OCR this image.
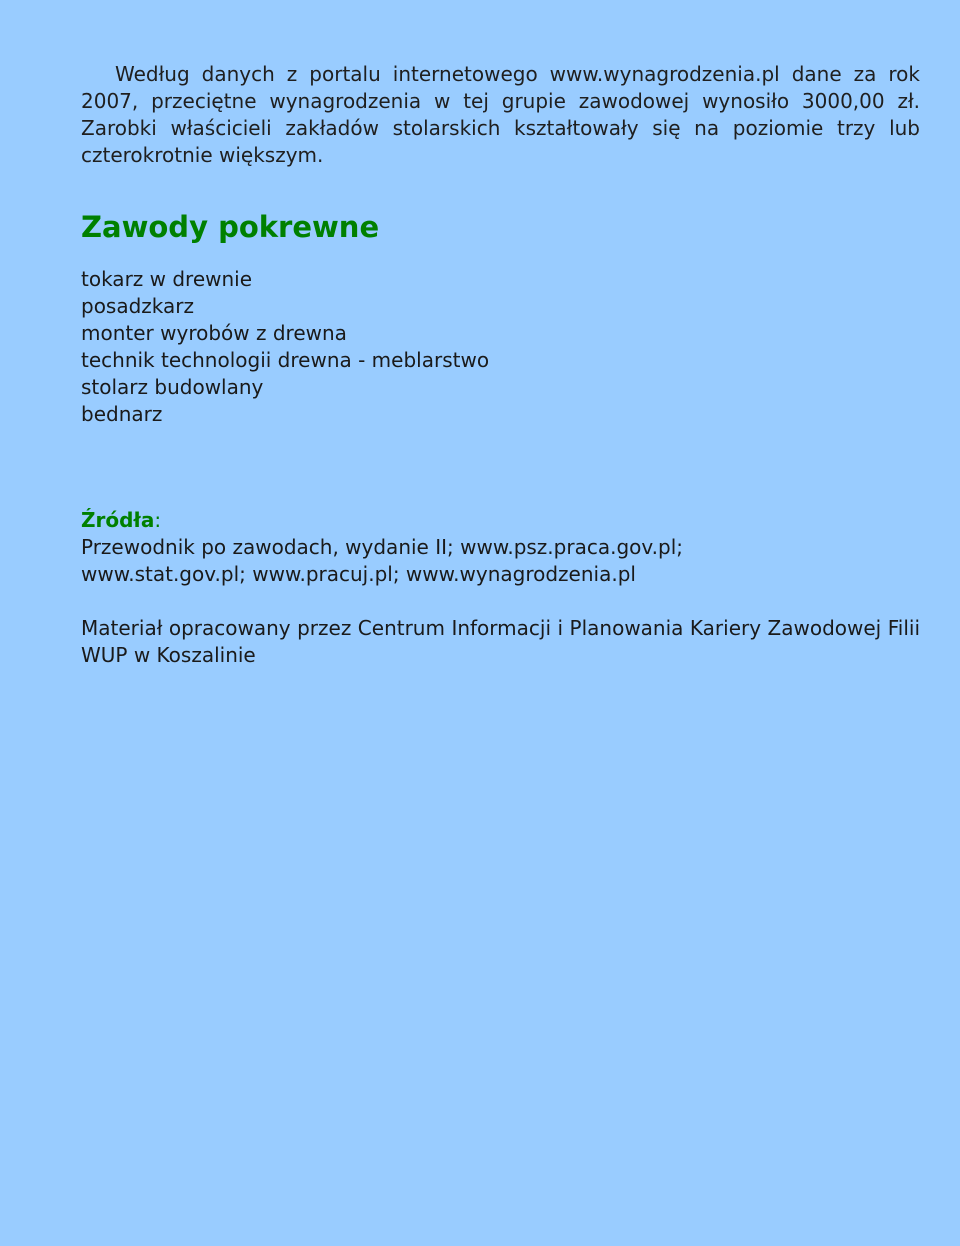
Według danych z portalu internetowego www.wynagrodzenia.pl dane za rok 2007, przeciętne wynagrodzenia w tej grupie zawodowej wynosiło 3000,00 zł. Zarobki właścicieli zakładów stolarskich kształtowały się na poziomie trzy lub czterokrotnie większym.

Zawody pokrewne
tokarz w drewnie
posadzkarz
monter wyrobów z drewna
technik technologii drewna - meblarstwo
stolarz budowlany
bednarz
Źródła:
Przewodnik po zawodach, wydanie II; www.psz.praca.gov.pl;
www.stat.gov.pl; www.pracuj.pl; www.wynagrodzenia.pl

Materiał opracowany przez Centrum Informacji i Planowania Kariery Zawodowej Filii WUP w Koszalinie
